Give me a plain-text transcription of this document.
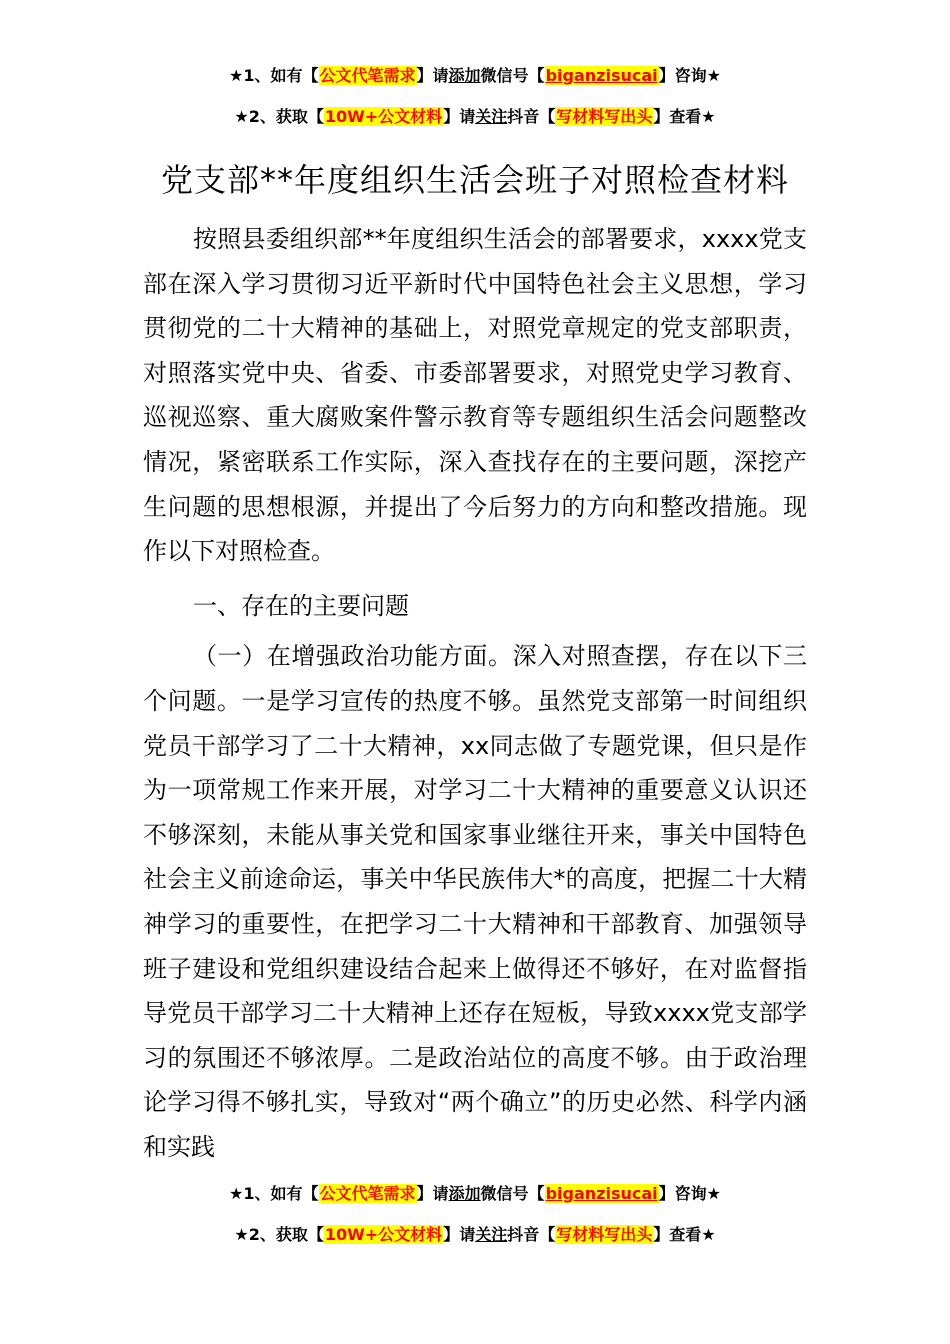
★1、如有【公文代笔需求】请添加微信号【biganzisucai】咨询★
★2、获取【10W+公文材料】请关注抖音【写材料写出头】查看★
党支部**年度组织生活会班子对照检查材料

按照县委组织部**年度组织生活会的部署要求，xxxx党支部在深入学习贯彻习近平新时代中国特色社会主义思想，学习贯彻党的二十大精神的基础上，对照党章规定的党支部职责，对照落实党中央、省委、市委部署要求，对照党史学习教育、巡视巡察、重大腐败案件警示教育等专题组织生活会问题整改情况，紧密联系工作实际，深入查找存在的主要问题，深挖产生问题的思想根源，并提出了今后努力的方向和整改措施。现作以下对照检查。

一、存在的主要问题

（一）在增强政治功能方面。深入对照查摆，存在以下三个问题。一是学习宣传的热度不够。虽然党支部第一时间组织党员干部学习了二十大精神，xx同志做了专题党课，但只是作为一项常规工作来开展，对学习二十大精神的重要意义认识还不够深刻，未能从事关党和国家事业继往开来，事关中国特色社会主义前途命运，事关中华民族伟大*的高度，把握二十大精神学习的重要性，在把学习二十大精神和干部教育、加强领导班子建设和党组织建设结合起来上做得还不够好，在对监督指导党员干部学习二十大精神上还存在短板，导致xxxx党支部学习的氛围还不够浓厚。二是政治站位的高度不够。由于政治理论学习得不够扎实，导致对“两个确立”的历史必然、科学内涵和实践

★1、如有【公文代笔需求】请添加微信号【biganzisucai】咨询★
★2、获取【10W+公文材料】请关注抖音【写材料写出头】查看★
